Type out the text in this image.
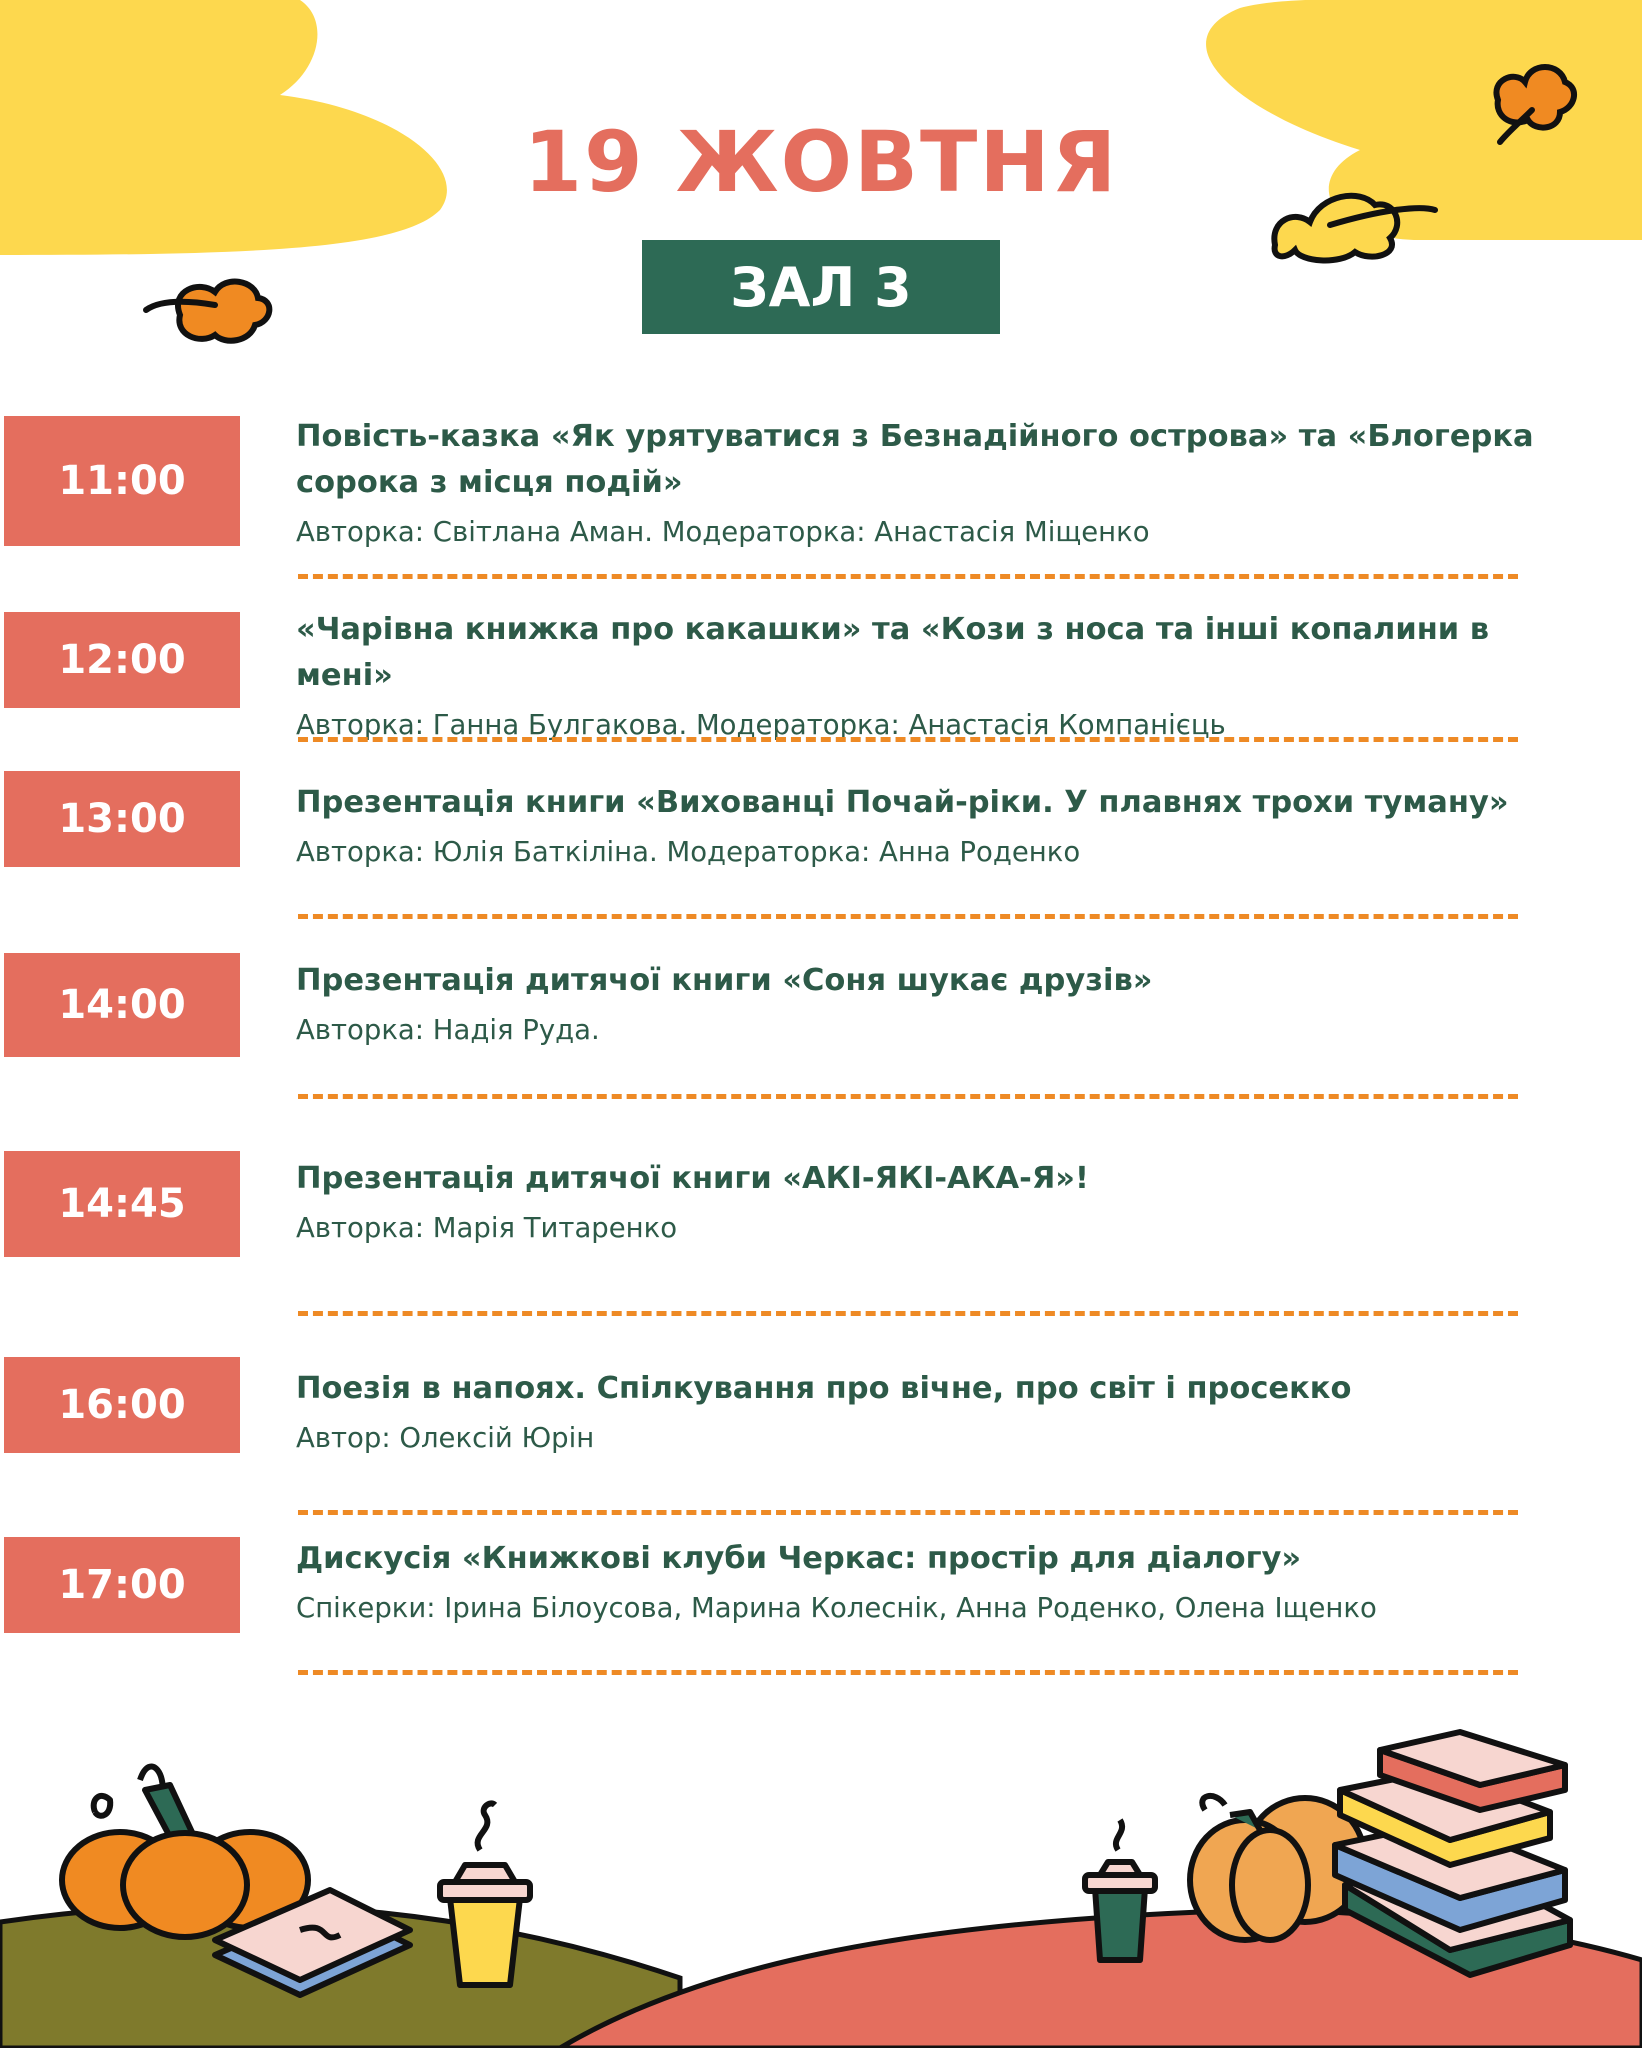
19 ЖОВТНЯ
ЗАЛ 3
11:00
Повість-казка «Як урятуватися з Безнадійного острова» та «Блогерка сорока з місця подій»
Авторка: Світлана Аман. Модераторка: Анастасія Міщенко
12:00
«Чарівна книжка про какашки» та «Кози з носа та інші копалини в мені»
Авторка: Ганна Булгакова. Модераторка: Анастасія Компанієць
13:00	Презентація книги «Вихованці Почай-ріки. У плавнях трохи туману»
Авторка: Юлія Баткіліна. Модераторка: Анна Роденко
14:00
Презентація дитячої книги «Соня шукає друзів»
Авторка: Надія Руда.
14:45
Презентація дитячої книги «АКІ-ЯКІ-АКА-Я»!
Авторка: Марія Титаренко
16:00	Поезія в напоях. Спілкування про вічне, про світ і просекко
Автор: Олексій Юрін
17:00
Дискусія «Книжкові клуби Черкас: простір для діалогу»
Спікерки: Ірина Білоусова, Марина Колеснік, Анна Роденко, Олена Іщенко
